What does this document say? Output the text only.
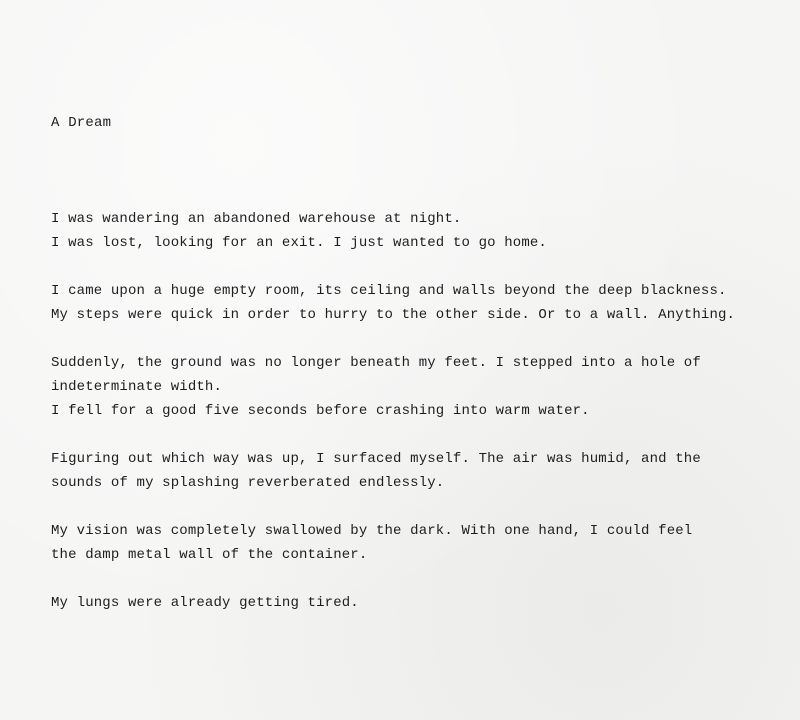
A Dream

I was wandering an abandoned warehouse at night.
I was lost, looking for an exit. I just wanted to go home.

I came upon a huge empty room, its ceiling and walls beyond the deep blackness.
My steps were quick in order to hurry to the other side. Or to a wall. Anything.

Suddenly, the ground was no longer beneath my feet. I stepped into a hole of
indeterminate width.
I fell for a good five seconds before crashing into warm water.

Figuring out which way was up, I surfaced myself. The air was humid, and the
sounds of my splashing reverberated endlessly.

My vision was completely swallowed by the dark. With one hand, I could feel
the damp metal wall of the container.

My lungs were already getting tired.
